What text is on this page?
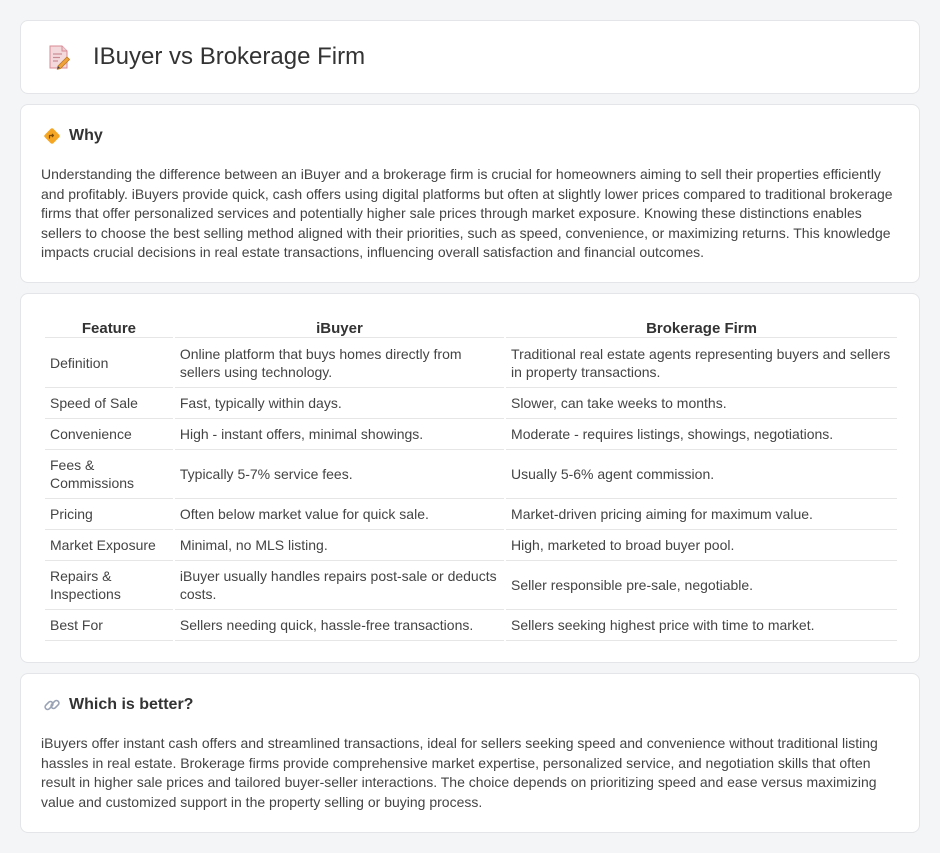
IBuyer vs Brokerage Firm
Why

Understanding the difference between an iBuyer and a brokerage firm is crucial for homeowners aiming to sell their properties efficiently and profitably. iBuyers provide quick, cash offers using digital platforms but often at slightly lower prices compared to traditional brokerage firms that offer personalized services and potentially higher sale prices through market exposure. Knowing these distinctions enables sellers to choose the best selling method aligned with their priorities, such as speed, convenience, or maximizing returns. This knowledge impacts crucial decisions in real estate transactions, influencing overall satisfaction and financial outcomes.

Feature	iBuyer	Brokerage Firm
Definition	Online platform that buys homes directly from sellers using technology.	Traditional real estate agents representing buyers and sellers in property transactions.
Speed of Sale	Fast, typically within days.	Slower, can take weeks to months.
Convenience	High - instant offers, minimal showings.	Moderate - requires listings, showings, negotiations.
Fees & Commissions	Typically 5-7% service fees.	Usually 5-6% agent commission.
Pricing	Often below market value for quick sale.	Market-driven pricing aiming for maximum value.
Market Exposure	Minimal, no MLS listing.	High, marketed to broad buyer pool.
Repairs & Inspections	iBuyer usually handles repairs post-sale or deducts costs.	Seller responsible pre-sale, negotiable.
Best For	Sellers needing quick, hassle-free transactions.	Sellers seeking highest price with time to market.
Which is better?

iBuyers offer instant cash offers and streamlined transactions, ideal for sellers seeking speed and convenience without traditional listing hassles in real estate. Brokerage firms provide comprehensive market expertise, personalized service, and negotiation skills that often result in higher sale prices and tailored buyer-seller interactions. The choice depends on prioritizing speed and ease versus maximizing value and customized support in the property selling or buying process.
